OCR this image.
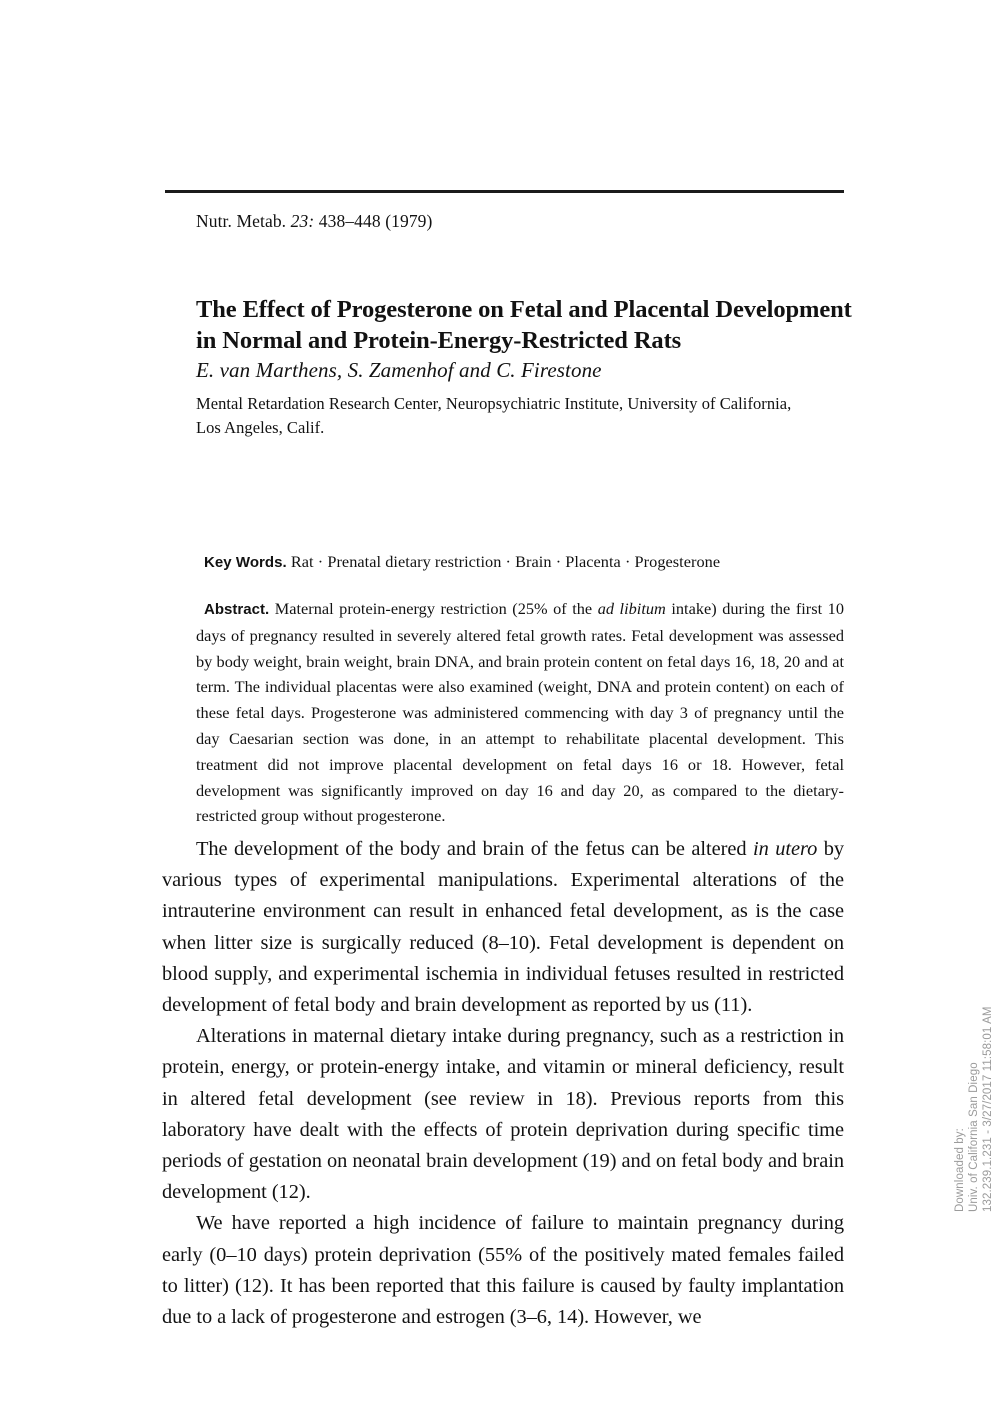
Nutr. Metab. 23: 438–448 (1979)
The Effect of Progesterone on Fetal and Placental Development in Normal and Protein-Energy-Restricted Rats
E. van Marthens, S. Zamenhof and C. Firestone
Mental Retardation Research Center, Neuropsychiatric Institute, University of California, Los Angeles, Calif.
Key Words. Rat · Prenatal dietary restriction · Brain · Placenta · Progesterone
Abstract. Maternal protein-energy restriction (25% of the ad libitum intake) during the first 10 days of pregnancy resulted in severely altered fetal growth rates. Fetal development was assessed by body weight, brain weight, brain DNA, and brain protein content on fetal days 16, 18, 20 and at term. The individual placentas were also examined (weight, DNA and protein content) on each of these fetal days. Progesterone was administered commencing with day 3 of pregnancy until the day Caesarian section was done, in an attempt to rehabilitate placental development. This treatment did not improve placental development on fetal days 16 or 18. However, fetal development was significantly improved on day 16 and day 20, as compared to the dietary-restricted group without progesterone.

The development of the body and brain of the fetus can be altered in utero by various types of experimental manipulations. Experimental alterations of the intrauterine environment can result in enhanced fetal development, as is the case when litter size is surgically reduced (8–10). Fetal development is dependent on blood supply, and experimental ischemia in individual fetuses resulted in restricted development of fetal body and brain development as reported by us (11).

Alterations in maternal dietary intake during pregnancy, such as a restriction in protein, energy, or protein-energy intake, and vitamin or mineral deficiency, result in altered fetal development (see review in 18). Previous reports from this laboratory have dealt with the effects of protein deprivation during specific time periods of gestation on neonatal brain development (19) and on fetal body and brain development (12).

We have reported a high incidence of failure to maintain pregnancy during early (0–10 days) protein deprivation (55% of the positively mated females failed to litter) (12). It has been reported that this failure is caused by faulty implantation due to a lack of progesterone and estrogen (3–6, 14). However, we

Downloaded by: Univ. of California San Diego 132.239.1.231 - 3/27/2017 11:58:01 AM
